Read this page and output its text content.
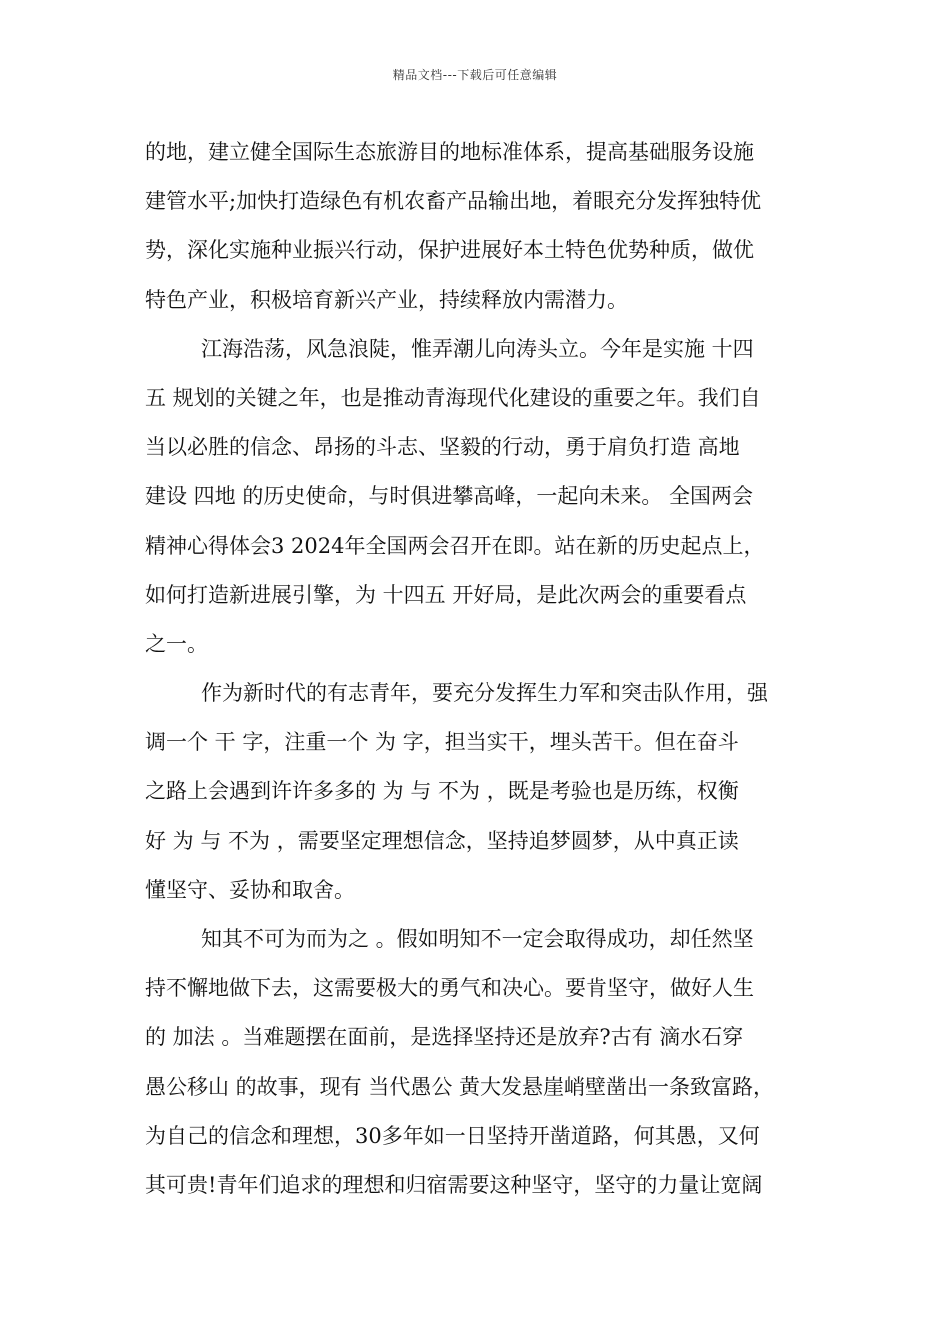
精品文档---下载后可任意编辑
的地，建立健全国际生态旅游目的地标准体系，提高基础服务设施
建管水平;加快打造绿色有机农畜产品输出地，着眼充分发挥独特优
势，深化实施种业振兴行动，保护进展好本土特色优势种质，做优
特色产业，积极培育新兴产业，持续释放内需潜力。
江海浩荡，风急浪陡，惟弄潮儿向涛头立。今年是实施 十四
五 规划的关键之年，也是推动青海现代化建设的重要之年。我们自
当以必胜的信念、昂扬的斗志、坚毅的行动，勇于肩负打造 高地
建设 四地 的历史使命，与时俱进攀高峰，一起向未来。 全国两会
精神心得体会3 2024年全国两会召开在即。站在新的历史起点上，
如何打造新进展引擎，为 十四五 开好局，是此次两会的重要看点
之一。
作为新时代的有志青年，要充分发挥生力军和突击队作用，强
调一个 干 字，注重一个 为 字，担当实干，埋头苦干。但在奋斗
之路上会遇到许许多多的 为 与 不为 ，既是考验也是历练，权衡
好 为 与 不为 ，需要坚定理想信念，坚持追梦圆梦，从中真正读
懂坚守、妥协和取舍。
知其不可为而为之 。假如明知不一定会取得成功，却任然坚
持不懈地做下去，这需要极大的勇气和决心。要肯坚守，做好人生
的 加法 。当难题摆在面前，是选择坚持还是放弃?古有 滴水石穿
愚公移山 的故事，现有 当代愚公 黄大发悬崖峭壁凿出一条致富路，
为自己的信念和理想，30多年如一日坚持开凿道路，何其愚，又何
其可贵!青年们追求的理想和归宿需要这种坚守，坚守的力量让宽阔
